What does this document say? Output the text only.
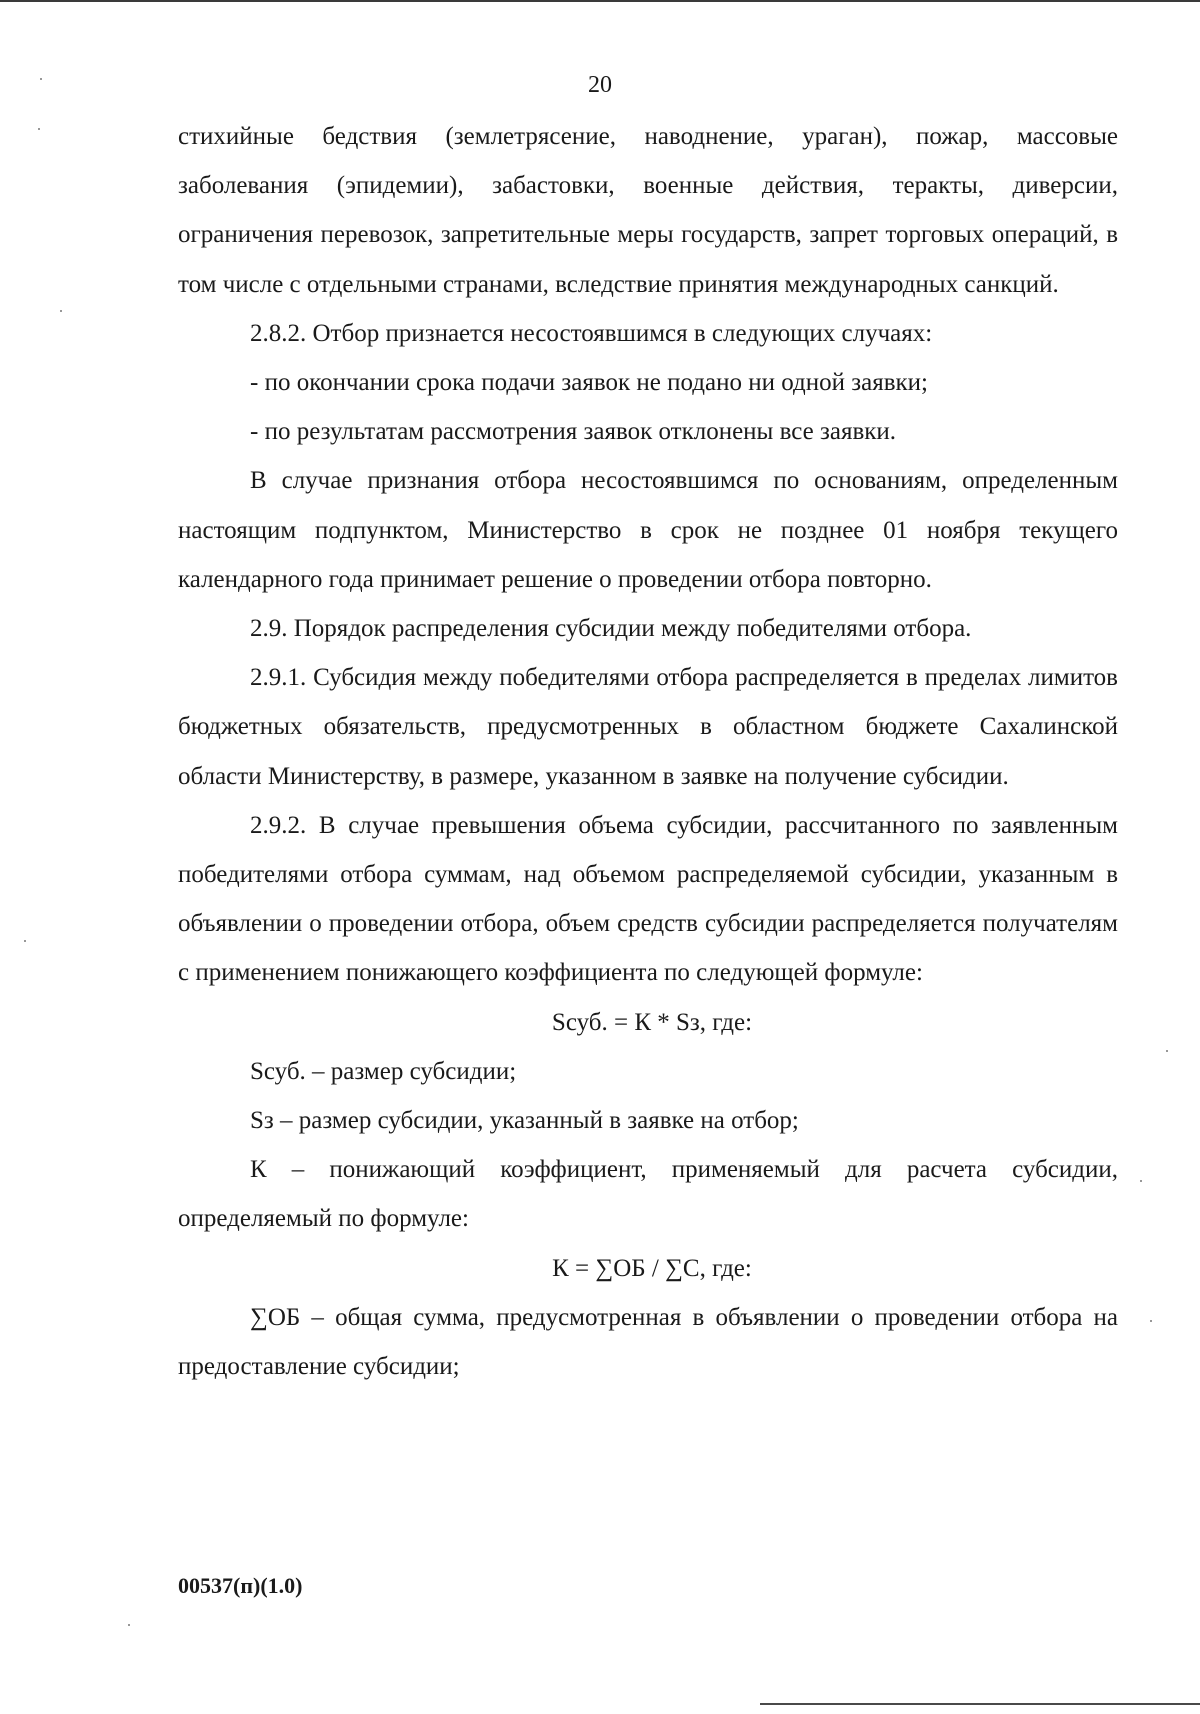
20

стихийные бедствия (землетрясение, наводнение, ураган), пожар, массовые заболевания (эпидемии), забастовки, военные действия, теракты, диверсии, ограничения перевозок, запретительные меры государств, запрет торговых операций, в том числе с отдельными странами, вследствие принятия международных санкций.

2.8.2. Отбор признается несостоявшимся в следующих случаях:

- по окончании срока подачи заявок не подано ни одной заявки;

- по результатам рассмотрения заявок отклонены все заявки.

В случае признания отбора несостоявшимся по основаниям, определенным настоящим подпунктом, Министерство в срок не позднее 01 ноября текущего календарного года принимает решение о проведении отбора повторно.

2.9. Порядок распределения субсидии между победителями отбора.

2.9.1. Субсидия между победителями отбора распределяется в пределах лимитов бюджетных обязательств, предусмотренных в областном бюджете Сахалинской области Министерству, в размере, указанном в заявке на получение субсидии.

2.9.2. В случае превышения объема субсидии, рассчитанного по заявленным победителями отбора суммам, над объемом распределяемой субсидии, указанным в объявлении о проведении отбора, объем средств субсидии распределяется получателям с применением понижающего коэффициента по следующей формуле:

Sсуб. = К * Sз, где:

Sсуб. – размер субсидии;

Sз – размер субсидии, указанный в заявке на отбор;

К – понижающий коэффициент, применяемый для расчета субсидии, определяемый по формуле:

К = ∑ОБ / ∑С, где:

∑ОБ – общая сумма, предусмотренная в объявлении о проведении отбора на предоставление субсидии;

00537(п)(1.0)
